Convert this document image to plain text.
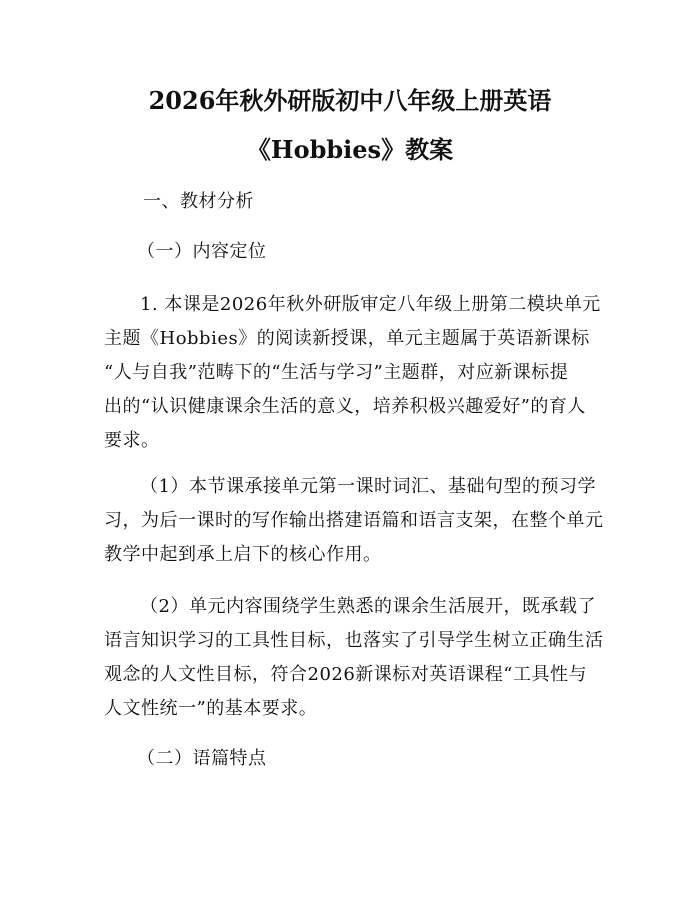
2026年秋外研版初中八年级上册英语
《Hobbies》教案
一、教材分析
（一）内容定位
1. 本课是2026年秋外研版审定八年级上册第二模块单元
主题《Hobbies》的阅读新授课，单元主题属于英语新课标
“人与自我”范畴下的“生活与学习”主题群，对应新课标提
出的“认识健康课余生活的意义，培养积极兴趣爱好”的育人
要求。
（1）本节课承接单元第一课时词汇、基础句型的预习学
习，为后一课时的写作输出搭建语篇和语言支架，在整个单元
教学中起到承上启下的核心作用。
（2）单元内容围绕学生熟悉的课余生活展开，既承载了
语言知识学习的工具性目标，也落实了引导学生树立正确生活
观念的人文性目标，符合2026新课标对英语课程“工具性与
人文性统一”的基本要求。
（二）语篇特点
